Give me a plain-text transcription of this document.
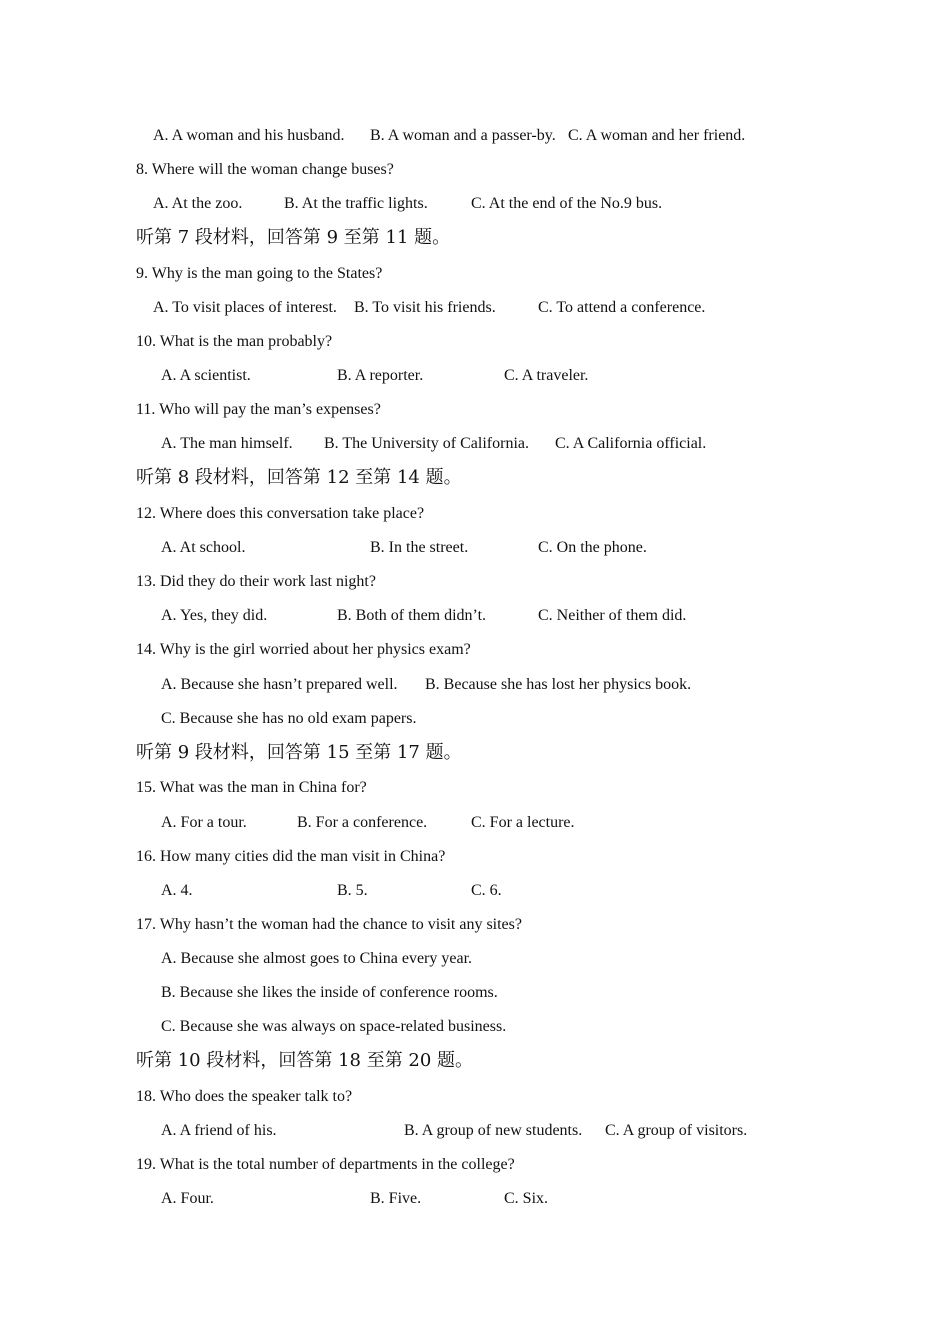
A. A woman and his husband. B. A woman and a passer-by. C. A woman and her friend.
8. Where will the woman change buses?
A. At the zoo.	B. At the traffic lights.	C. At the end of the No.9 bus.
听第 7 段材料，回答第 9 至第 11 题。
9. Why is the man going to the States?
A. To visit places of interest. B. To visit his friends.	C. To attend a conference.
10. What is the man probably?
A. A scientist.	B. A reporter.	C. A traveler.
11. Who will pay the man’s expenses?
A. The man himself. B. The University of California. C. A California official.
听第 8 段材料，回答第 12 至第 14 题。
12. Where does this conversation take place?
A. At school.	B. In the street.	C. On the phone.
13. Did they do their work last night?
A. Yes, they did.	B. Both of them didn’t.	C. Neither of them did.
14. Why is the girl worried about her physics exam?
A. Because she hasn’t prepared well. B. Because she has lost her physics book.
C. Because she has no old exam papers.
听第 9 段材料，回答第 15 至第 17 题。
15. What was the man in China for?
A. For a tour.	B. For a conference.	C. For a lecture.
16. How many cities did the man visit in China?
A. 4.	B. 5.	C. 6.
17. Why hasn’t the woman had the chance to visit any sites?
A. Because she almost goes to China every year.
B. Because she likes the inside of conference rooms.
C. Because she was always on space-related business.
听第 10 段材料，回答第 18 至第 20 题。
18. Who does the speaker talk to?
A. A friend of his.	B. A group of new students. C. A group of visitors.
19. What is the total number of departments in the college?
A. Four.	B. Five.	C. Six.
